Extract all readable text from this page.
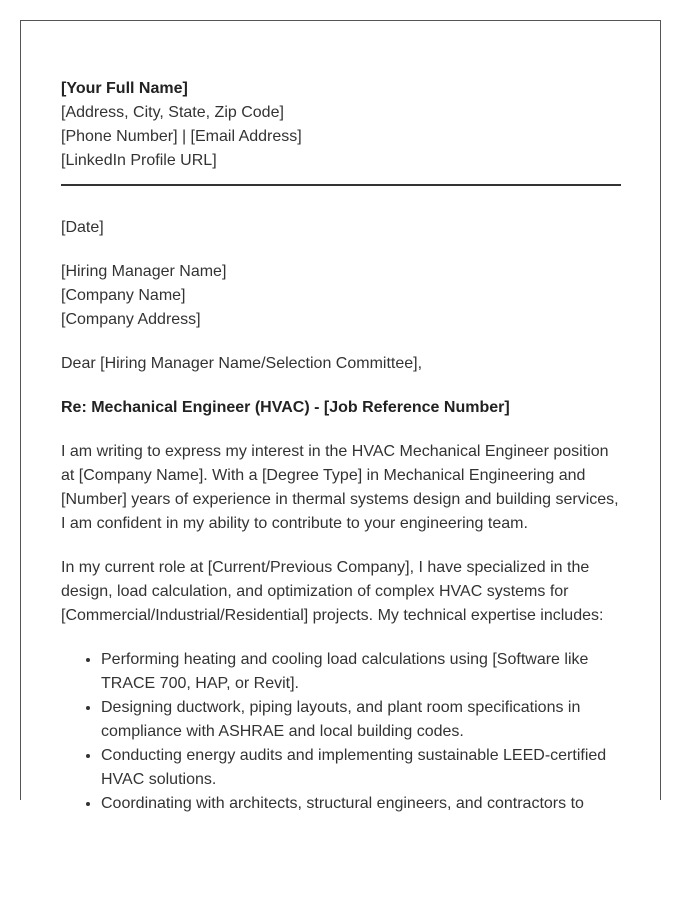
[Your Full Name]
[Address, City, State, Zip Code]
[Phone Number] | [Email Address]
[LinkedIn Profile URL]
[Date]
[Hiring Manager Name]
[Company Name]
[Company Address]
Dear [Hiring Manager Name/Selection Committee],
Re: Mechanical Engineer (HVAC) - [Job Reference Number]

I am writing to express my interest in the HVAC Mechanical Engineer position at [Company Name]. With a [Degree Type] in Mechanical Engineering and [Number] years of experience in thermal systems design and building services, I am confident in my ability to contribute to your engineering team.

In my current role at [Current/Previous Company], I have specialized in the design, load calculation, and optimization of complex HVAC systems for [Commercial/Industrial/Residential] projects. My technical expertise includes:

• Performing heating and cooling load calculations using [Software like TRACE 700, HAP, or Revit].
• Designing ductwork, piping layouts, and plant room specifications in compliance with ASHRAE and local building codes.
• Conducting energy audits and implementing sustainable LEED-certified HVAC solutions.
• Coordinating with architects, structural engineers, and contractors to
